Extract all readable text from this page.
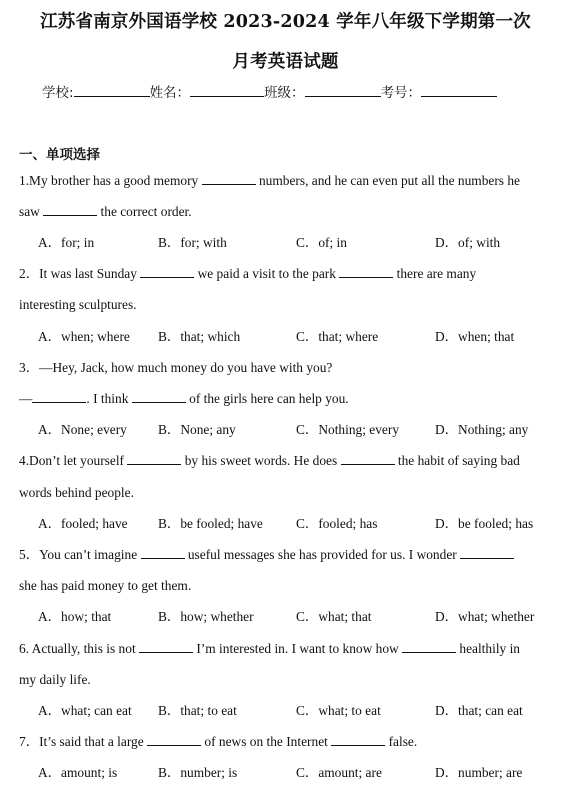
江苏省南京外国语学校 2023-2024 学年八年级下学期第一次
月考英语试题
学校:	姓名：	班级：	考号：
一、单项选择
1.My brother has a good memory	numbers, and he can even put all the numbers he
saw	the correct order.
A．for; in	B．for; with	C．of; in	D．of; with
2．It was last Sunday	we paid a visit to the park	there are many
interesting sculptures.
A．when; where B．that; which	C．that; where	D．when; that
3．—Hey, Jack, how much money do you have with you?
—	. I think	of the girls here can help you.
A．None; every B．None; any	C．Nothing; every	D．Nothing; any
4.Don’t let yourself	by his sweet words. He does	the habit of saying bad
words behind people.
A．fooled; have B．be fooled; have C．fooled; has	D．be fooled; has
5．You can’t imagine	useful messages she has provided for us. I wonder
she has paid money to get them.
A．how; that	B．how; whether	C．what; that	D．what; whether
6. Actually, this is not	I’m interested in. I want to know how	healthily in
my daily life.
A．what; can eat B．that; to eat	C．what; to eat	D．that; can eat
7．It’s said that a large	of news on the Internet	false.
A．amount; is	B．number; is	C．amount; are	D．number; are
